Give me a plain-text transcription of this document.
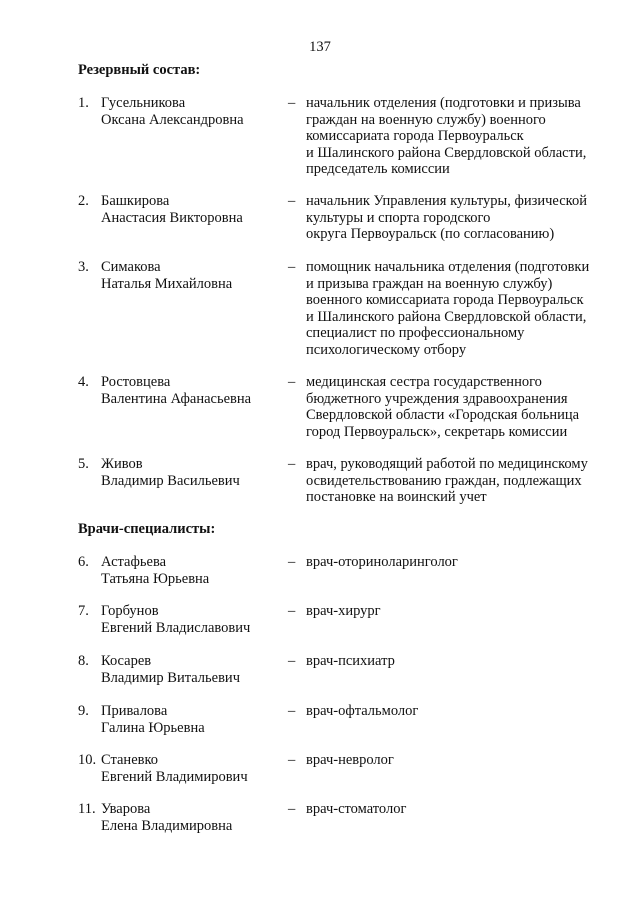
137
Резервный состав:
1. Гусельникова
Оксана Александровна
– начальник отделения (подготовки и призыва
граждан на военную службу) военного
комиссариата города Первоуральск
и Шалинского района Свердловской области,
председатель комиссии
2. Башкирова
Анастасия Викторовна
– начальник Управления культуры, физической
культуры и спорта городского
округа Первоуральск (по согласованию)
3. Симакова
Наталья Михайловна
– помощник начальника отделения (подготовки
и призыва граждан на военную службу)
военного комиссариата города Первоуральск
и Шалинского района Свердловской области,
специалист по профессиональному
психологическому отбору
4. Ростовцева
Валентина Афанасьевна
– медицинская сестра государственного
бюджетного учреждения здравоохранения
Свердловской области «Городская больница
город Первоуральск», секретарь комиссии
5. Живов
Владимир Васильевич
– врач, руководящий работой по медицинскому
освидетельствованию граждан, подлежащих
постановке на воинский учет
Врачи-специалисты:
6. Астафьева
Татьяна Юрьевна
– врач-оториноларинголог
7. Горбунов
Евгений Владиславович
– врач-хирург
8. Косарев
Владимир Витальевич
– врач-психиатр
9. Привалова
Галина Юрьевна
– врач-офтальмолог
10. Станевко
Евгений Владимирович
– врач-невролог
11. Уварова
Елена Владимировна
– врач-стоматолог
